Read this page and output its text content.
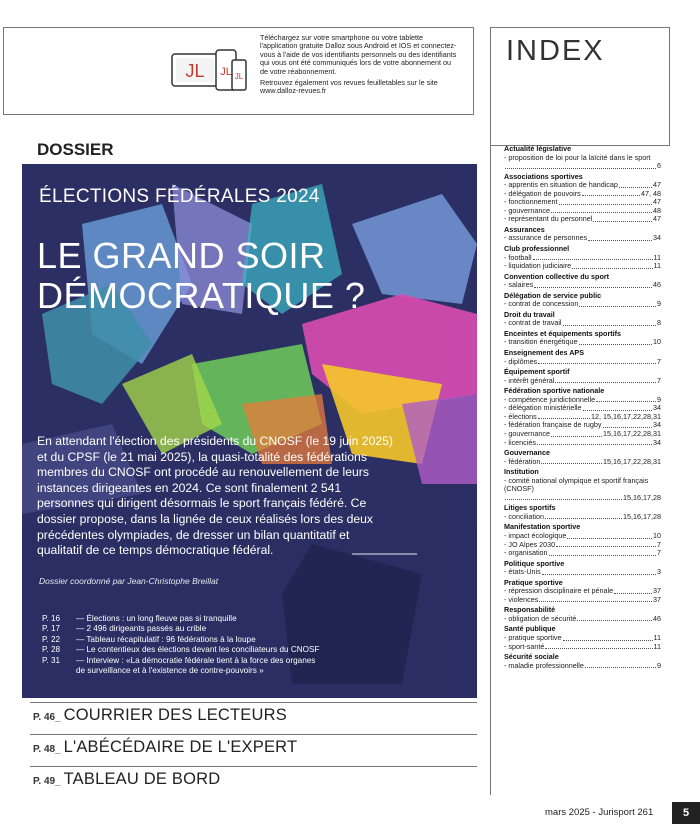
JL JL JL

Téléchargez sur votre smartphone ou votre tablette l'application gratuite Dalloz sous Android et IOS et connectez-vous à l'aide de vos identifiants personnels ou des identifiants qui vous ont été communiqués lors de votre abonnement ou de votre réabonnement.

Retrouvez également vos revues feuilletables sur le site www.dalloz-revues.fr

INDEX
Actualité législative
- proposition de loi pour la laïcité dans le sport
6
Associations sportives
- apprentis en situation de handicap	47
- délégation de pouvoirs	47, 48
- fonctionnement	47
- gouvernance	48
- représentant du personnel	47
Assurances
- assurance de personnes	34
Club professionnel
- football	11
- liquidation judiciaire	11
Convention collective du sport
- salaires	46
Délégation de service public
- contrat de concession	9
Droit du travail
- contrat de travail	8
Enceintes et équipements sportifs
- transition énergétique	10
Enseignement des APS
- diplômes	7
Équipement sportif
- intérêt général	7
Fédération sportive nationale
- compétence juridictionnelle	9
- délégation ministérielle	34
- élections	12, 15,16,17,22,28,31
- fédération française de rugby	34
- gouvernance	15,16,17,22,28,31
- licenciés	34
Gouvernance
- fédération	15,16,17,22,28,31
Institution
- comité national olympique et sportif français (CNOSF)
15,16,17,28
Litiges sportifs
- conciliation	15,16,17,28
Manifestation sportive
- impact écologique	10
- JO Alpes 2030	7
- organisation	7
Politique sportive
- états-Unis	3
Pratique sportive
- répression disciplinaire et pénale	37
- violences	37
Responsabilité
- obligation de sécurité	46
Santé publique
- pratique sportive	11
- sport-santé	11
Sécurité sociale
- maladie professionnelle	9
DOSSIER
ÉLECTIONS FÉDÉRALES 2024
LE GRAND SOIR DÉMOCRATIQUE ?
En attendant l'élection des présidents du CNOSF (le 19 juin 2025) et du CPSF (le 21 mai 2025), la quasi-totalité des fédérations membres du CNOSF ont procédé au renouvellement de leurs instances dirigeantes en 2024. Ce sont finalement 2 541 personnes qui dirigent désormais le sport français fédéré. Ce dossier propose, dans la lignée de ceux réalisés lors des deux précédentes olympiades, de dresser un bilan quantitatif et qualitatif de ce temps démocratique fédéral.
Dossier coordonné par Jean-Christophe Breillat
P. 16	— Élections : un long fleuve pas si tranquille
P. 17	— 2 496 dirigeants passés au crible
P. 22	— Tableau récapitulatif : 96 fédérations à la loupe
P. 28	— Le contentieux des élections devant les conciliateurs du CNOSF
P. 31	— Interview : «La démocratie fédérale tient à la force des organes
de surveillance et à l'existence de contre-pouvoirs »
P. 46_ COURRIER DES LECTEURS
P. 48_ L'ABÉCÉDAIRE DE L'EXPERT
P. 49_ TABLEAU DE BORD
mars 2025 - Jurisport 261	5
